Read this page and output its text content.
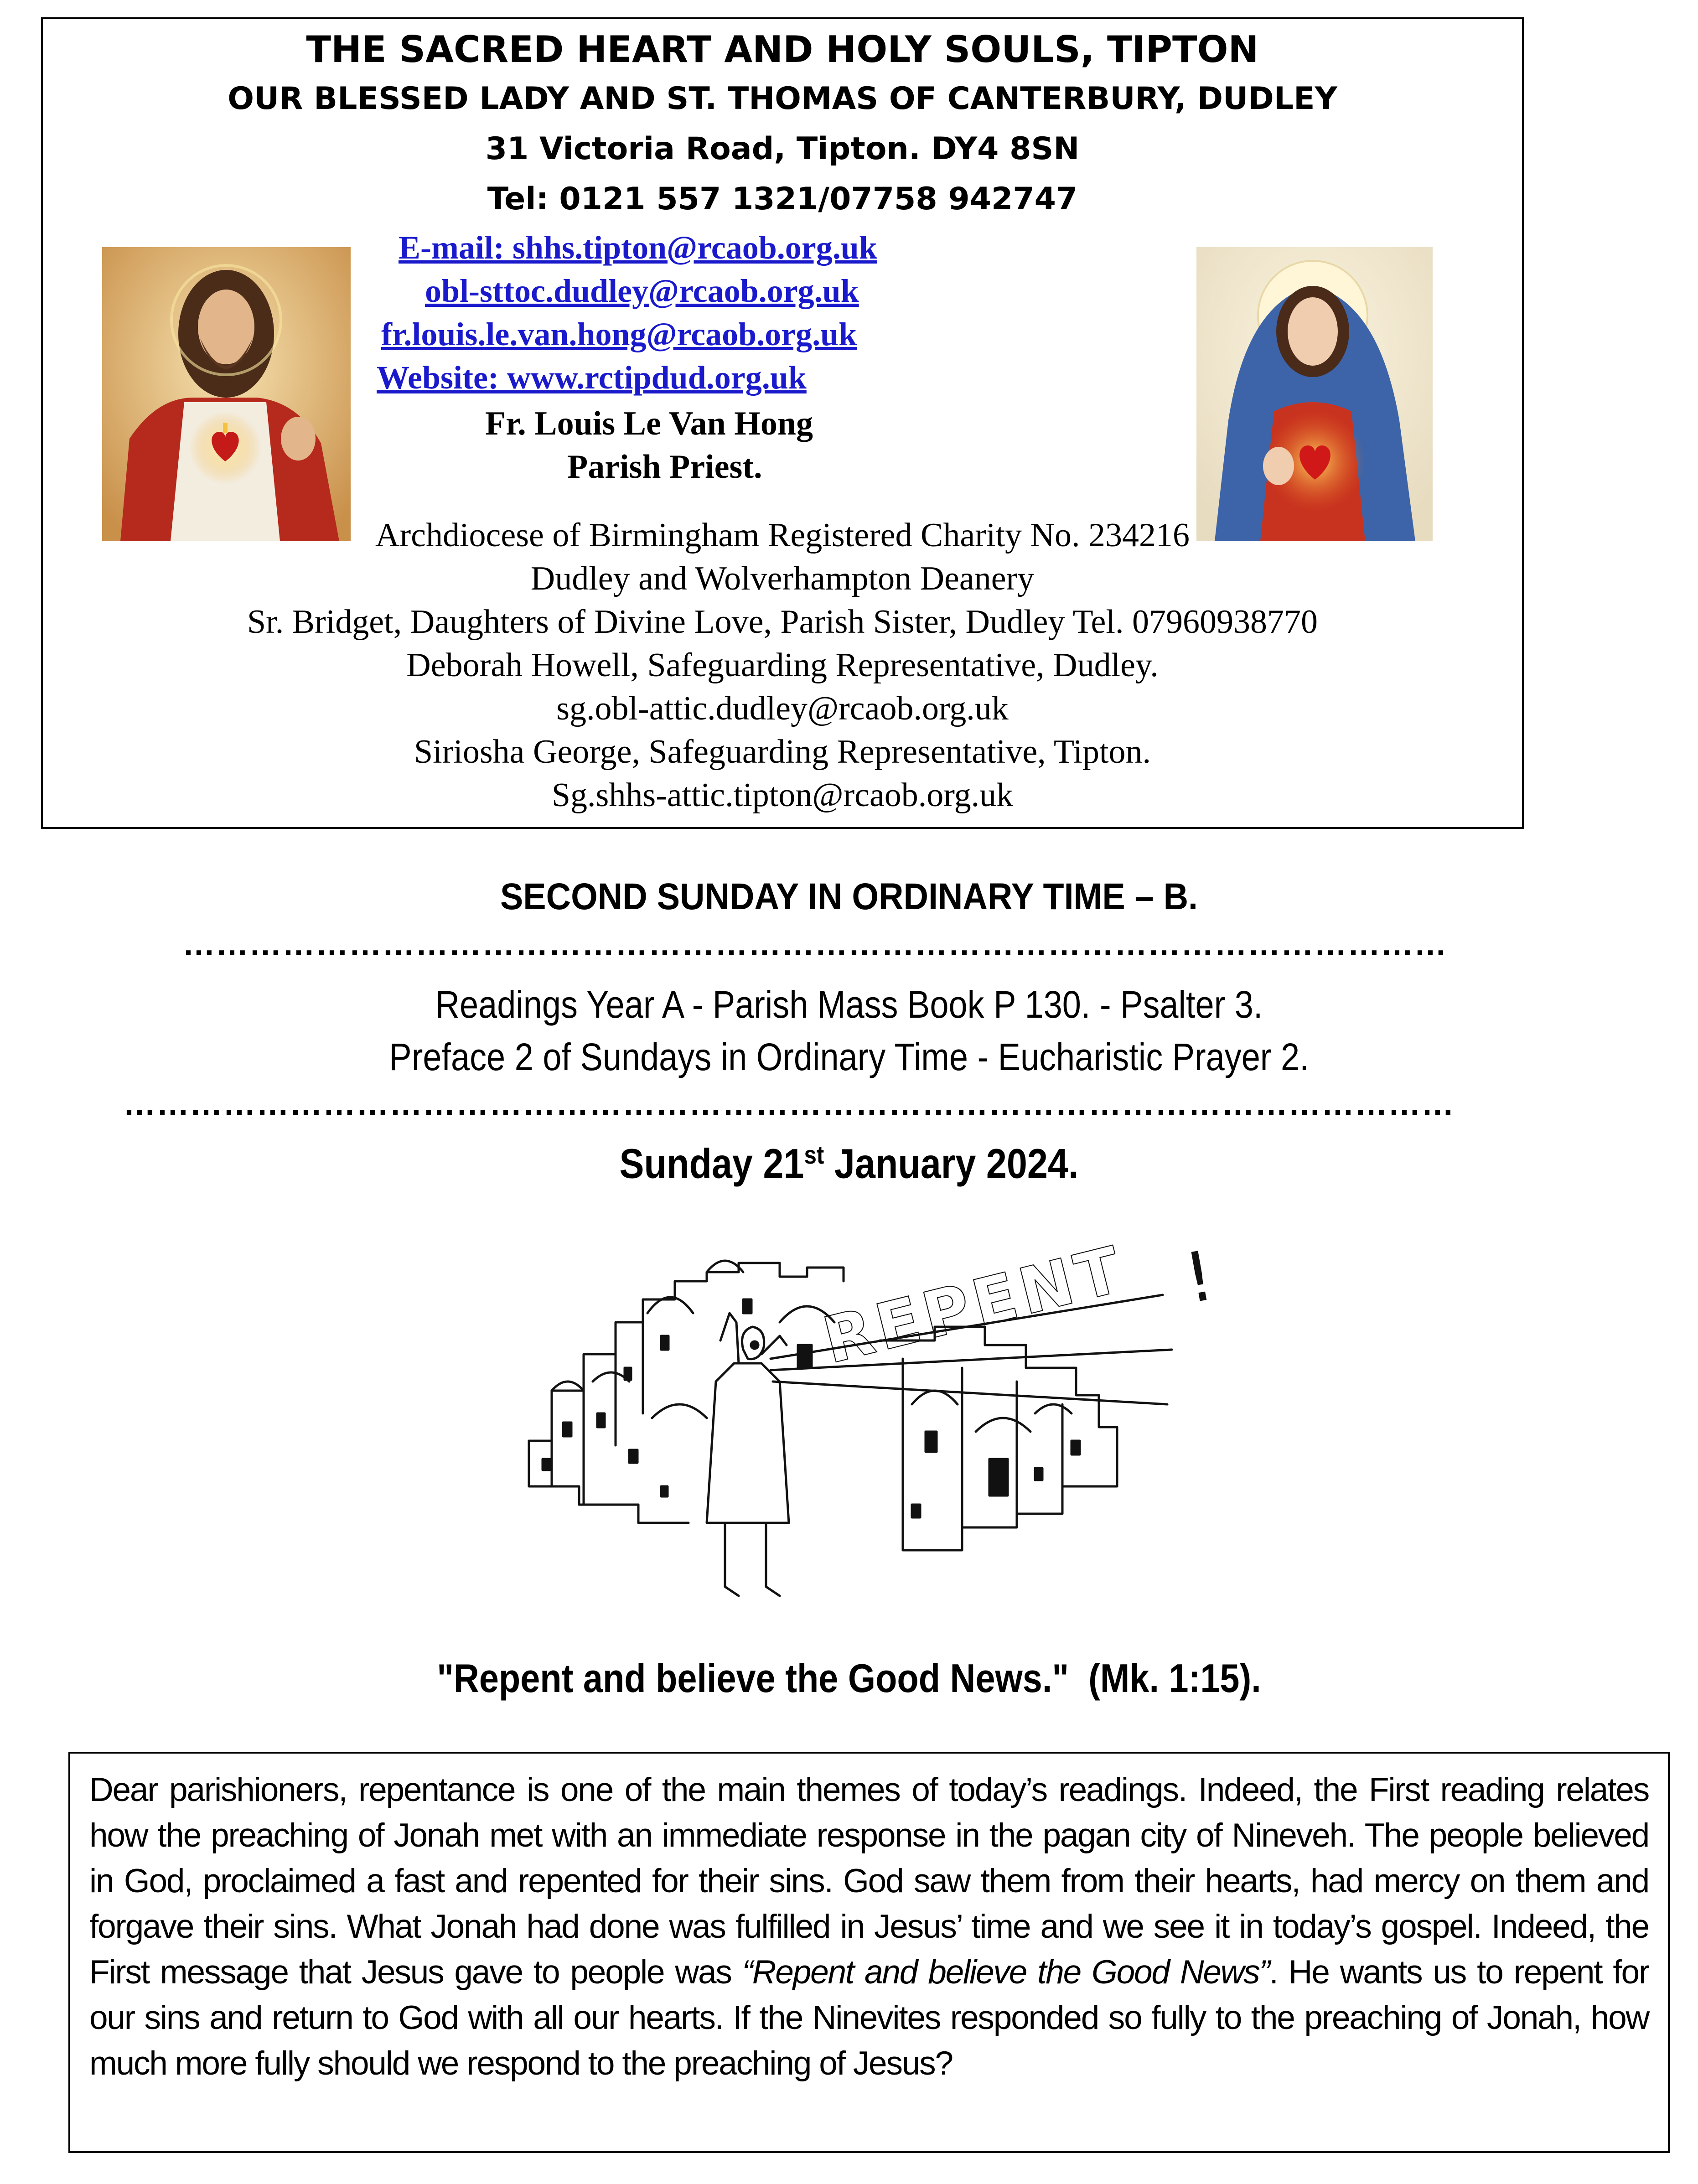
THE SACRED HEART AND HOLY SOULS, TIPTON
OUR BLESSED LADY AND ST. THOMAS OF CANTERBURY, DUDLEY
31 Victoria Road, Tipton. DY4 8SN
Tel: 0121 557 1321/07758 942747
E-mail: shhs.tipton@rcaob.org.uk
obl-sttoc.dudley@rcaob.org.uk
fr.louis.le.van.hong@rcaob.org.uk
Website: www.rctipdud.org.uk
Fr. Louis Le Van Hong
Parish Priest.
Archdiocese of Birmingham Registered Charity No. 234216
Dudley and Wolverhampton Deanery
Sr. Bridget, Daughters of Divine Love, Parish Sister, Dudley Tel. 07960938770
Deborah Howell, Safeguarding Representative, Dudley.
sg.obl-attic.dudley@rcaob.org.uk
Siriosha George, Safeguarding Representative, Tipton.
Sg.shhs-attic.tipton@rcaob.org.uk
SECOND SUNDAY IN ORDINARY TIME – B.
……………………………………………………………………………………………………
Readings Year A - Parish Mass Book P 130. - Psalter 3.
Preface 2 of Sundays in Ordinary Time - Eucharistic Prayer 2.
…………………………………………………………………………………………………………
Sunday 21st January 2024.
REPENT !
"Repent and believe the Good News."  (Mk. 1:15).
Dear parishioners, repentance is one of the main themes of today’s readings. Indeed, the First reading relates how the preaching of Jonah met with an immediate response in the pagan city of Nineveh. The people believed in God, proclaimed a fast and repented for their sins. God saw them from their hearts, had mercy on them and forgave their sins. What Jonah had done was fulfilled in Jesus’ time and we see it in today’s gospel. Indeed, the First message that Jesus gave to people was “Repent and believe the Good News”. He wants us to repent for our sins and return to God with all our hearts. If the Ninevites responded so fully to the preaching of Jonah, how much more fully should we respond to the preaching of Jesus?
